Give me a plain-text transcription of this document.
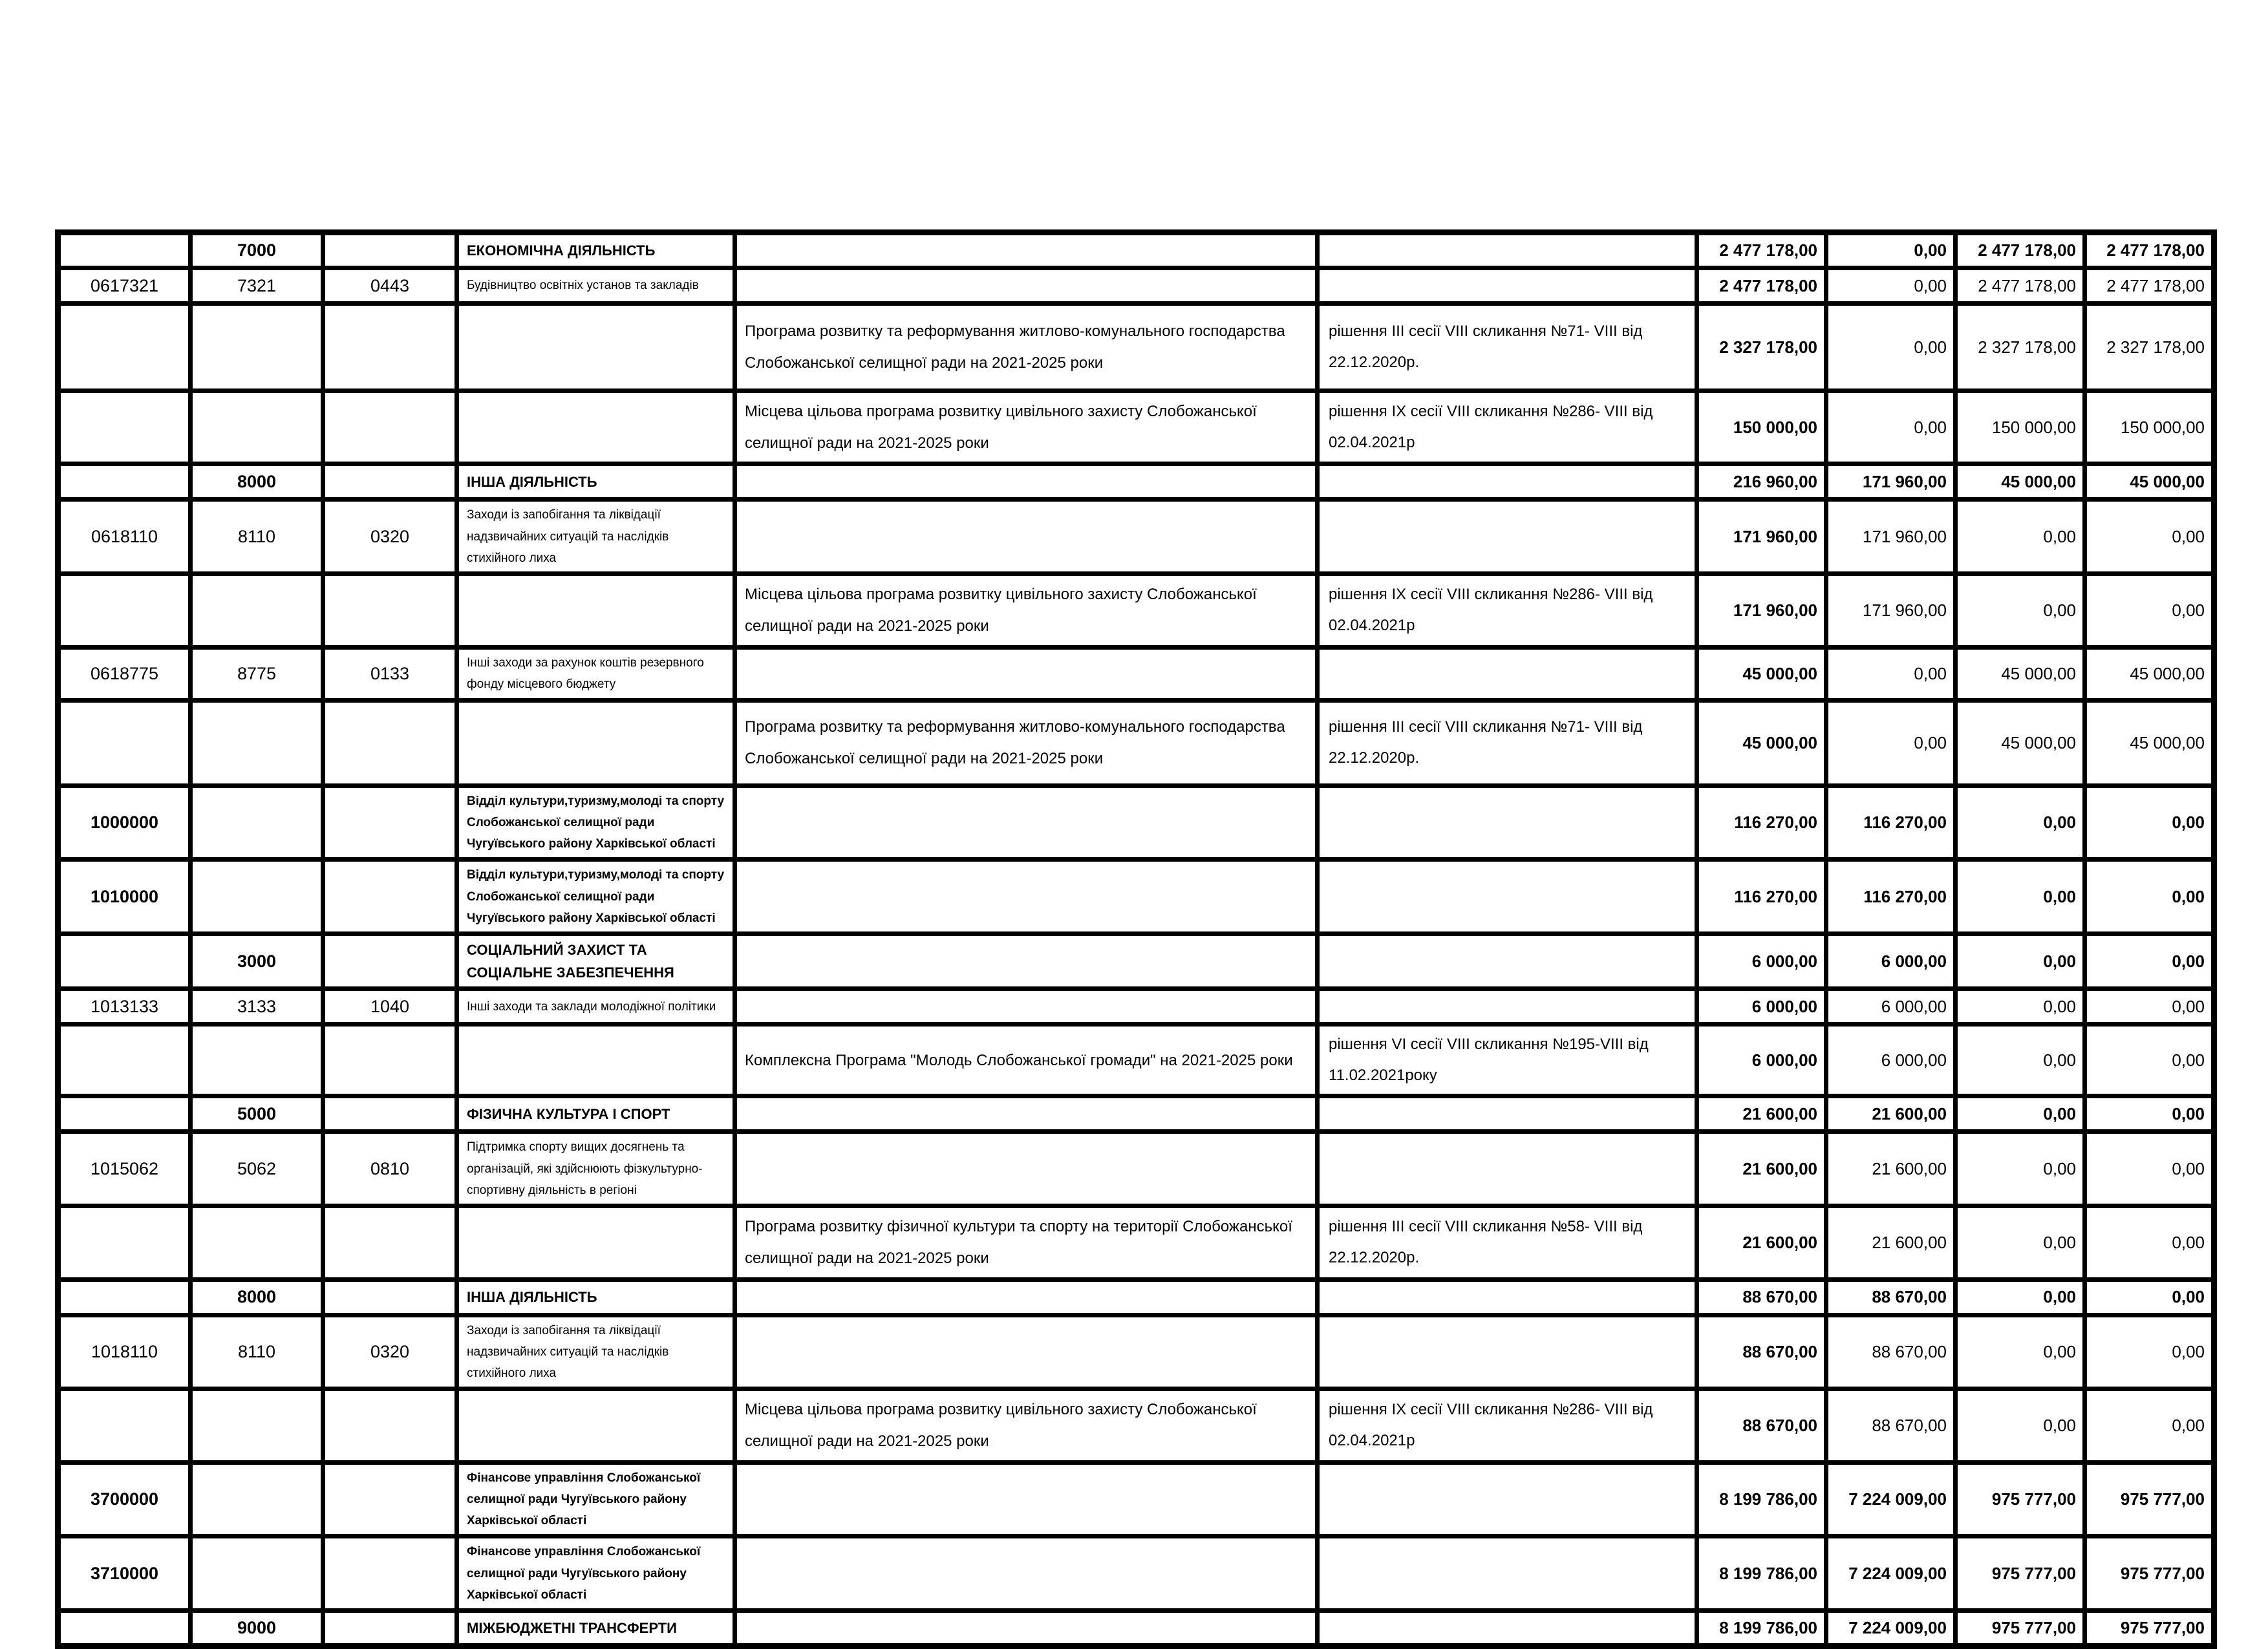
	7000		ЕКОНОМІЧНА ДІЯЛЬНІСТЬ			2 477 178,00	0,00	2 477 178,00	2 477 178,00
0617321	7321	0443	Будівництво освітніх установ та закладів			2 477 178,00	0,00	2 477 178,00	2 477 178,00
				Програма розвитку та реформування житлово-комунального господарства Слобожанської селищної ради на 2021-2025 роки	рішення III сесії VIII скликання №71- VIII від 22.12.2020р.	2 327 178,00	0,00	2 327 178,00	2 327 178,00
				Місцева цільова програма розвитку цивільного захисту Слобожанської селищної ради на 2021-2025 роки	рішення IX сесії VIII скликання №286- VIII від 02.04.2021р	150 000,00	0,00	150 000,00	150 000,00
	8000		ІНША ДІЯЛЬНІСТЬ			216 960,00	171 960,00	45 000,00	45 000,00
0618110	8110	0320	Заходи із запобігання та ліквідації надзвичайних ситуацій та наслідків стихійного лиха			171 960,00	171 960,00	0,00	0,00
				Місцева цільова програма розвитку цивільного захисту Слобожанської селищної ради на 2021-2025 роки	рішення IX сесії VIII скликання №286- VIII від 02.04.2021р	171 960,00	171 960,00	0,00	0,00
0618775	8775	0133	Інші заходи за рахунок коштів резервного фонду місцевого бюджету			45 000,00	0,00	45 000,00	45 000,00
				Програма розвитку та реформування житлово-комунального господарства Слобожанської селищної ради на 2021-2025 роки	рішення III сесії VIII скликання №71- VIII від 22.12.2020р.	45 000,00	0,00	45 000,00	45 000,00
1000000			Відділ культури,туризму,молоді та спорту Слобожанської селищної ради Чугуївського району Харківської області			116 270,00	116 270,00	0,00	0,00
1010000			Відділ культури,туризму,молоді та спорту Слобожанської селищної ради Чугуївського району Харківської області			116 270,00	116 270,00	0,00	0,00
	3000		СОЦІАЛЬНИЙ ЗАХИСТ ТА СОЦІАЛЬНЕ ЗАБЕЗПЕЧЕННЯ			6 000,00	6 000,00	0,00	0,00
1013133	3133	1040	Інші заходи та заклади молодіжної політики			6 000,00	6 000,00	0,00	0,00
				Комплексна Програма "Молодь Слобожанської громади" на 2021-2025 роки	рішення VI сесії VIII скликання №195-VIII від 11.02.2021року	6 000,00	6 000,00	0,00	0,00
	5000		ФІЗИЧНА КУЛЬТУРА І СПОРТ			21 600,00	21 600,00	0,00	0,00
1015062	5062	0810	Підтримка спорту вищих досягнень та організацій, які здійснюють фізкультурно-спортивну діяльність в регіоні			21 600,00	21 600,00	0,00	0,00
				Програма розвитку фізичної культури та спорту на території Слобожанської селищної ради на 2021-2025 роки	рішення III сесії VIII скликання №58- VIII від 22.12.2020р.	21 600,00	21 600,00	0,00	0,00
	8000		ІНША ДІЯЛЬНІСТЬ			88 670,00	88 670,00	0,00	0,00
1018110	8110	0320	Заходи із запобігання та ліквідації надзвичайних ситуацій та наслідків стихійного лиха			88 670,00	88 670,00	0,00	0,00
				Місцева цільова програма розвитку цивільного захисту Слобожанської селищної ради на 2021-2025 роки	рішення IX сесії VIII скликання №286- VIII від 02.04.2021р	88 670,00	88 670,00	0,00	0,00
3700000			Фінансове управління Слобожанської селищної ради Чугуївського району Харківської області			8 199 786,00	7 224 009,00	975 777,00	975 777,00
3710000			Фінансове управління Слобожанської селищної ради Чугуївського району Харківської області			8 199 786,00	7 224 009,00	975 777,00	975 777,00
	9000		МІЖБЮДЖЕТНІ ТРАНСФЕРТИ			8 199 786,00	7 224 009,00	975 777,00	975 777,00
